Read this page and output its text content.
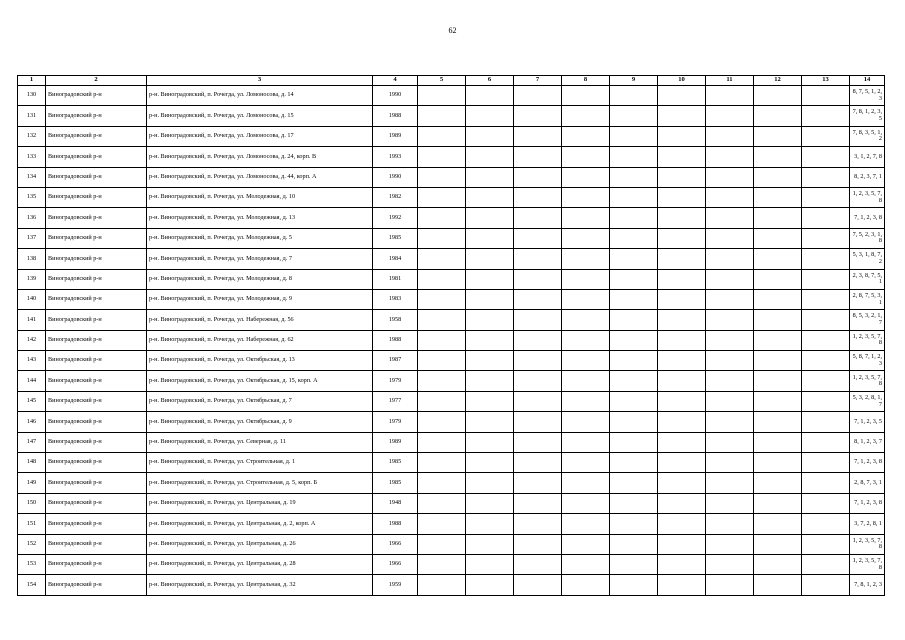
62
1	2	3	4	5	6	7	8	9	10	11	12	13	14
130	Виноградовский р-н	р-н. Виноградовский, п. Рочегда, ул. Ломоносова, д. 14	1990										8, 7, 5, 1, 2, 3
131	Виноградовский р-н	р-н. Виноградовский, п. Рочегда, ул. Ломоносова, д. 15	1988										7, 8, 1, 2, 3, 5
132	Виноградовский р-н	р-н. Виноградовский, п. Рочегда, ул. Ломоносова, д. 17	1989										7, 8, 3, 5, 1, 2
133	Виноградовский р-н	р-н. Виноградовский, п. Рочегда, ул. Ломоносова, д. 24, корп. В	1993										3, 1, 2, 7, 8
134	Виноградовский р-н	р-н. Виноградовский, п. Рочегда, ул. Ломоносова, д. 44, корп. А	1990										8, 2, 3, 7, 1
135	Виноградовский р-н	р-н. Виноградовский, п. Рочегда, ул. Молодежная, д. 10	1982										1, 2, 3, 5, 7, 8
136	Виноградовский р-н	р-н. Виноградовский, п. Рочегда, ул. Молодежная, д. 13	1992										7, 1, 2, 3, 8
137	Виноградовский р-н	р-н. Виноградовский, п. Рочегда, ул. Молодежная, д. 5	1985										7, 5, 2, 3, 1, 8
138	Виноградовский р-н	р-н. Виноградовский, п. Рочегда, ул. Молодежная, д. 7	1984										5, 3, 1, 8, 7, 2
139	Виноградовский р-н	р-н. Виноградовский, п. Рочегда, ул. Молодежная, д. 8	1981										2, 3, 8, 7, 5, 1
140	Виноградовский р-н	р-н. Виноградовский, п. Рочегда, ул. Молодежная, д. 9	1983										2, 8, 7, 5, 3, 1
141	Виноградовский р-н	р-н. Виноградовский, п. Рочегда, ул. Набережная, д. 56	1958										8, 5, 3, 2, 1, 7
142	Виноградовский р-н	р-н. Виноградовский, п. Рочегда, ул. Набережная, д. 62	1988										1, 2, 3, 5, 7, 8
143	Виноградовский р-н	р-н. Виноградовский, п. Рочегда, ул. Октябрьская, д. 13	1987										5, 8, 7, 1, 2, 3
144	Виноградовский р-н	р-н. Виноградовский, п. Рочегда, ул. Октябрьская, д. 15, корп. А	1979										1, 2, 3, 5, 7, 8
145	Виноградовский р-н	р-н. Виноградовский, п. Рочегда, ул. Октябрьская, д. 7	1977										5, 3, 2, 8, 1, 7
146	Виноградовский р-н	р-н. Виноградовский, п. Рочегда, ул. Октябрьская, д. 9	1979										7, 1, 2, 3, 5
147	Виноградовский р-н	р-н. Виноградовский, п. Рочегда, ул. Северная, д. 11	1989										8, 1, 2, 3, 7
148	Виноградовский р-н	р-н. Виноградовский, п. Рочегда, ул. Строительная, д. 1	1985										7, 1, 2, 3, 8
149	Виноградовский р-н	р-н. Виноградовский, п. Рочегда, ул. Строительная, д. 5, корп. Б	1985										2, 8, 7, 3, 1
150	Виноградовский р-н	р-н. Виноградовский, п. Рочегда, ул. Центральная, д. 19	1948										7, 1, 2, 3, 8
151	Виноградовский р-н	р-н. Виноградовский, п. Рочегда, ул. Центральная, д. 2, корп. А	1988										3, 7, 2, 8, 1
152	Виноградовский р-н	р-н. Виноградовский, п. Рочегда, ул. Центральная, д. 26	1966										1, 2, 3, 5, 7, 8
153	Виноградовский р-н	р-н. Виноградовский, п. Рочегда, ул. Центральная, д. 28	1966										1, 2, 3, 5, 7, 8
154	Виноградовский р-н	р-н. Виноградовский, п. Рочегда, ул. Центральная, д. 32	1959										7, 8, 1, 2, 3
